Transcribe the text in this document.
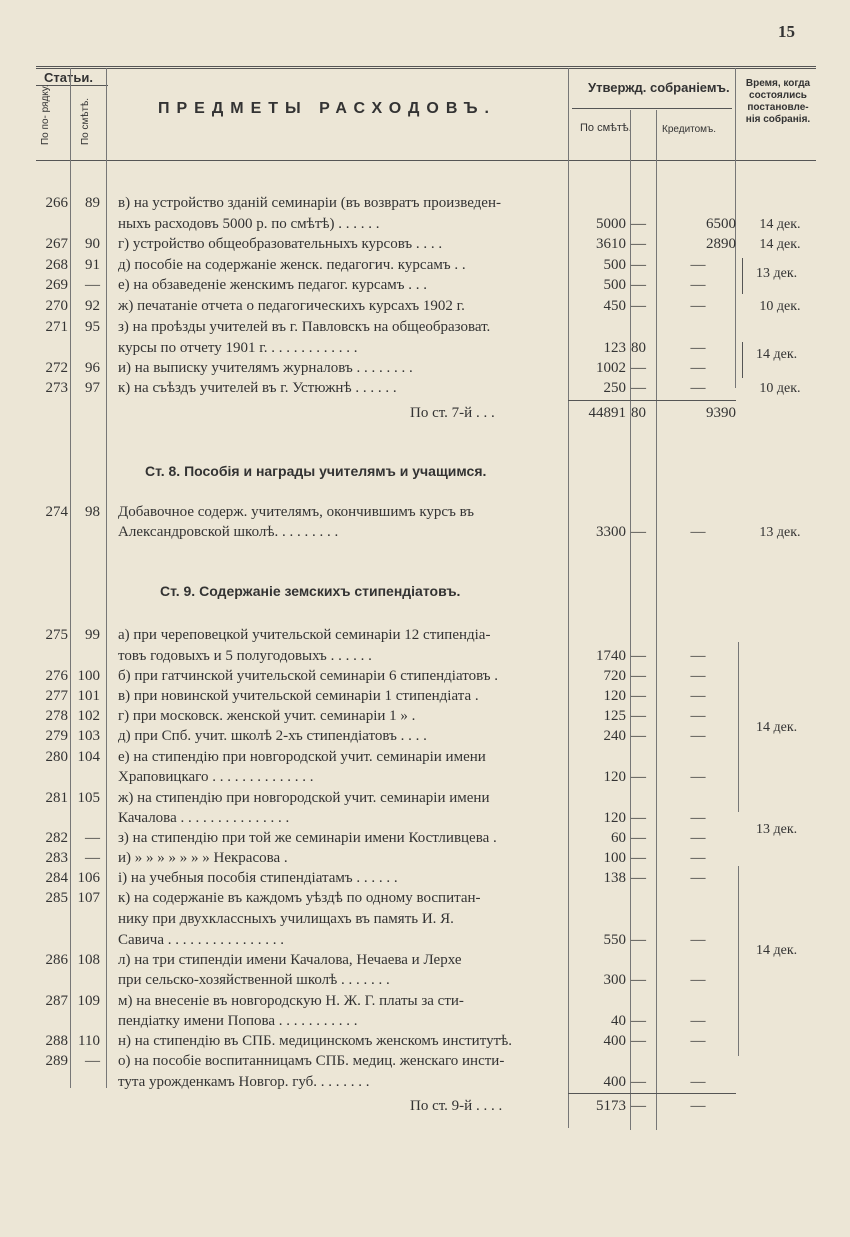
15
Статьи.
По по- рядку.	По смѣтѣ.	ПРЕДМЕТЫ РАСХОДОВЪ.
Утвержд. собраніемъ.
По смѣтѣ.	Кредитомъ.
Время, когда
состоялись
постановле-
нія собранія.
266	89 в) на устройство зданій семинаріи (въ возвратъ произведен-
ныхъ расходовъ 5000 р. по смѣтѣ) . . . . . .	5000 —	6500	14 дек.
267	90 г) устройство общеобразовательныхъ курсовъ . . . .	3610 —	2890	14 дек.
268	91 д) пособіе на содержаніе женск. педагогич. курсамъ . .	500 —	—
269	— е) на обзаведеніе женскимъ педагог. курсамъ . . .	500 —	—
13 дек.
270	92 ж) печатаніе отчета о педагогическихъ курсахъ 1902 г.	450 —	—	10 дек.
271	95 з) на проѣзды учителей въ г. Павловскъ на общеобразоват.
курсы по отчету 1901 г. . . . . . . . . . . . .	123 80	—
272	96 и) на выписку учителямъ журналовъ . . . . . . . .	1002 —	—
14 дек.
273	97 к) на съѣздъ учителей въ г. Устюжнѣ . . . . . .	250 —	—	10 дек.
По ст. 7-й . . .	44891 80	9390
Ст. 8. Пособія и награды учителямъ и учащимся.
274	98 Добавочное содерж. учителямъ, окончившимъ курсъ въ
Александровской школѣ. . . . . . . . .	3300 —	—	13 дек.
Ст. 9. Содержаніе земскихъ стипендіатовъ.
275	99 а) при череповецкой учительской семинаріи 12 стипендіа-
товъ годовыхъ и 5 полугодовыхъ . . . . . .	1740 —	—
276 100 б) при гатчинской учительской семинаріи 6 стипендіатовъ .	720 —	—
277 101 в) при новинской учительской семинаріи 1 стипендіата .	120 —	—
278 102 г) при московск. женской учит. семинаріи 1 » .	125 —	—
279 103 д) при Спб. учит. школѣ 2-хъ стипендіатовъ . . . .	240 —	—
280 104 е) на стипендію при новгородской учит. семинаріи имени
Храповицкаго . . . . . . . . . . . . . .	120 —	—
281 105 ж) на стипендію при новгородской учит. семинаріи имени
Качалова . . . . . . . . . . . . . . .	120 —	—
282	— з) на стипендію при той же семинаріи имени Костливцева .	60 —	—
283	— и) » » » » » » » Некрасова .	100 —	—
284 106 і) на учебныя пособія стипендіатамъ . . . . . .	138 —	—
285 107 к) на содержаніе въ каждомъ уѣздѣ по одному воспитан-
нику при двухклассныхъ училищахъ въ память И. Я.
Савича . . . . . . . . . . . . . . . .	550 —	—
286 108 л) на три стипендіи имени Качалова, Нечаева и Лерхе
при сельско-хозяйственной школѣ . . . . . . .	300 —	—
287 109 м) на внесеніе въ новгородскую Н. Ж. Г. платы за сти-
пендіатку имени Попова . . . . . . . . . . .	40 —	—
288 110 н) на стипендію въ СПБ. медицинскомъ женскомъ институтѣ.	400 —	—
289	— о) на пособіе воспитанницамъ СПБ. медиц. женскаго инсти-
тута урожденкамъ Новгор. губ. . . . . . . .	400 —	—
По ст. 9-й . . . .	5173 —	—
14 дек.
13 дек.
14 дек.
